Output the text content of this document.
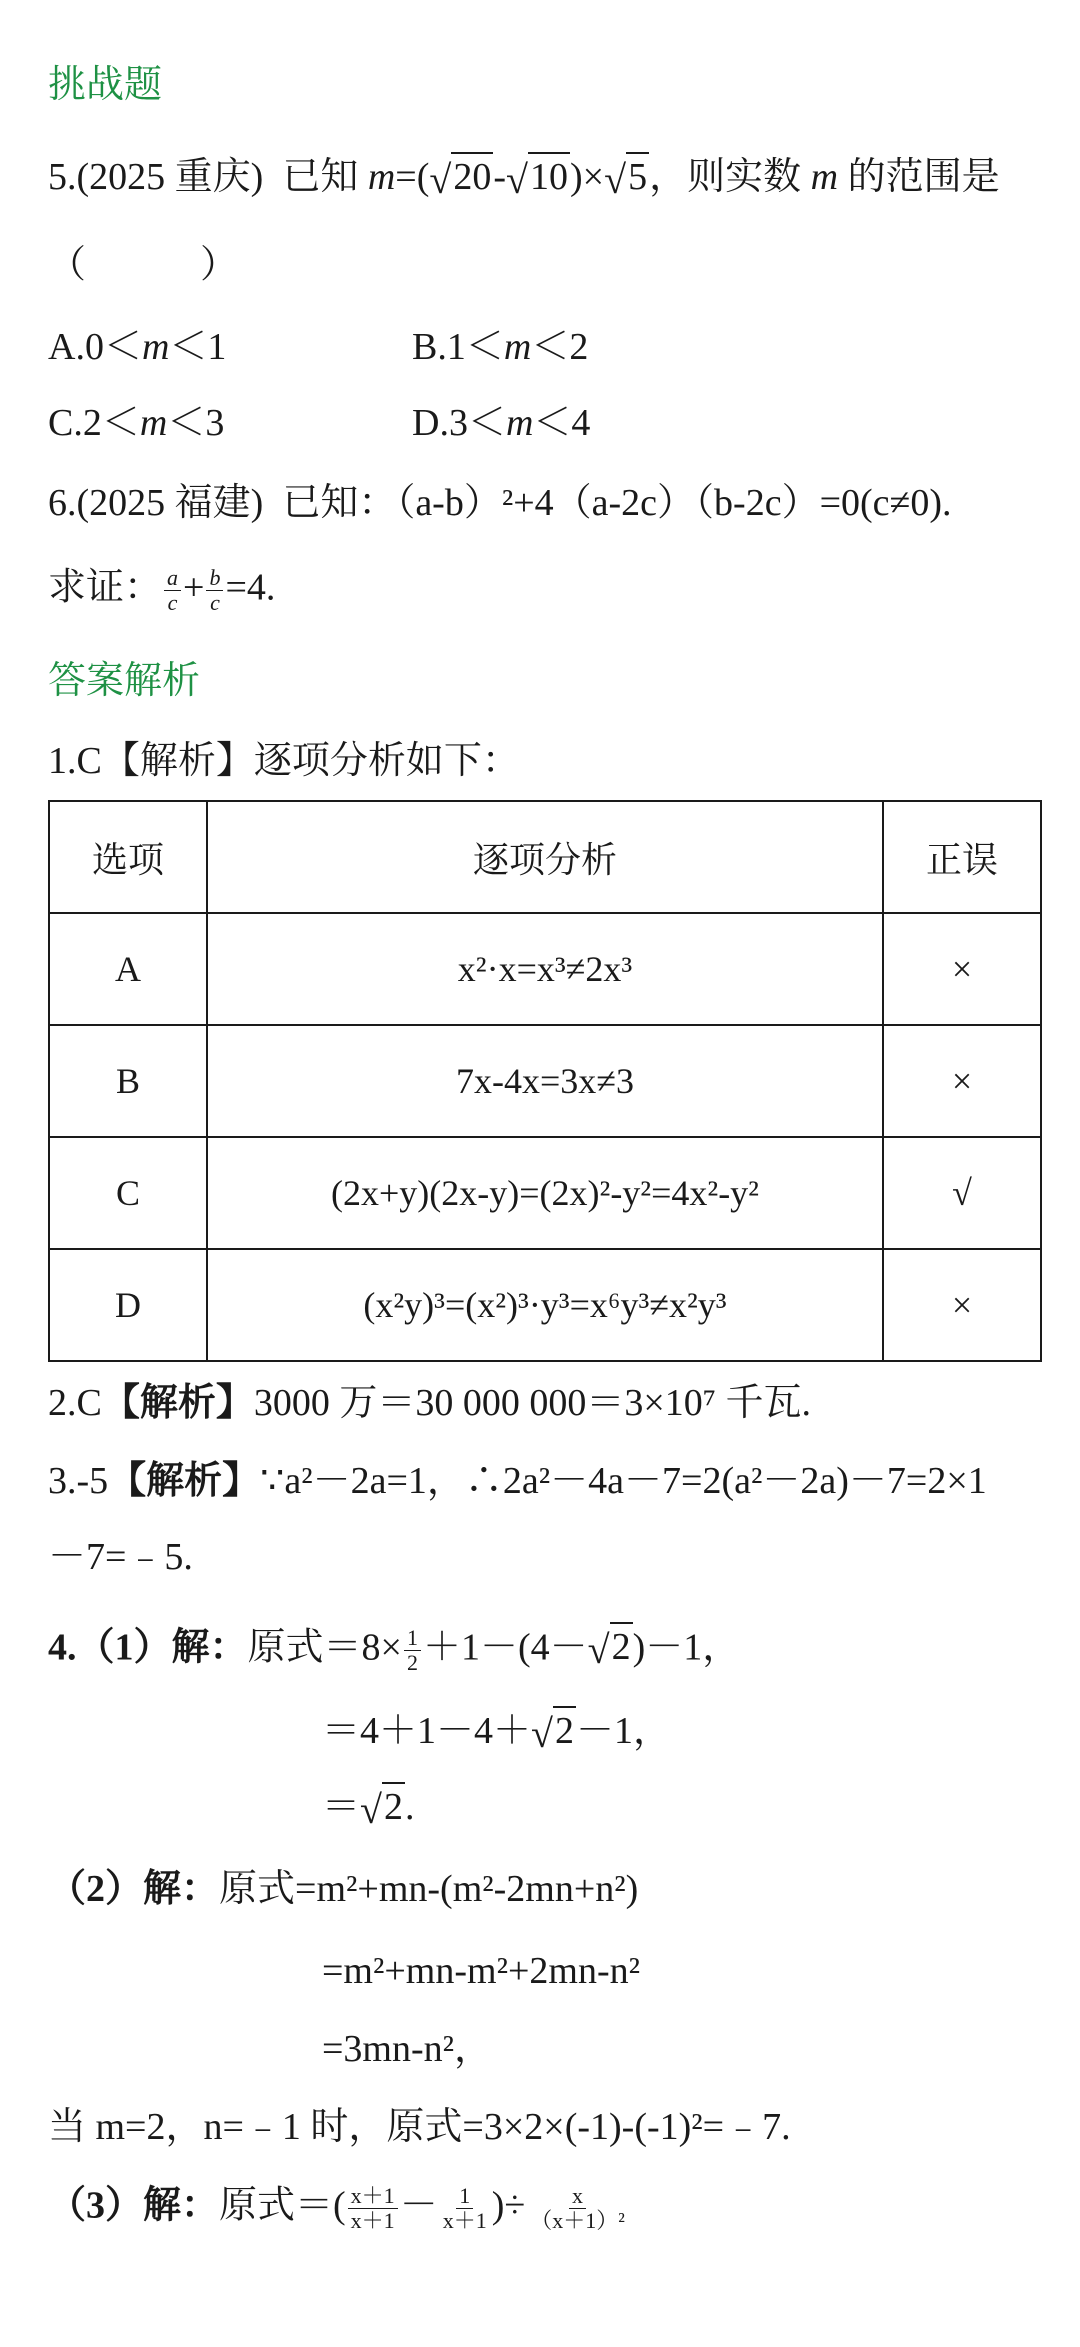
挑战题
5.(2025 重庆) 已知 m=( √ 20- √ 10)× √ 5，则实数 m 的范围是
（　　　）
A.0＜m＜1	B.1＜m＜2
C.2＜m＜3	D.3＜m＜4
6.(2025 福建) 已知：（a-b）²+4（a-2c）（b-2c）=0(c≠0).
求证： $\frac{a}{c} + \frac{b}{c} =4$.
答案解析
1.C【解析】逐项分析如下：
选项	逐项分析	正误
A	x²·x=x³≠2x³	×
B	7x-4x=3x≠3	×
C	(2x+y)(2x-y)=(2x)²-y²=4x²-y²	√
D	(x²y)³=(x²)³·y³=x⁶y³≠x²y³	×
2.C【解析】3000 万＝30 000 000＝3×10⁷ 千瓦.
3.-5【解析】∵a²－2a=1，∴2a²－4a－7=2(a²－2a)－7=2×1
－7=﹣5.
4.（1）解：原式$=8\times \frac{1}{2} +1-(4-$ √ 2)－1，
＝4＋1－4＋ √ 2－1，
＝ √ 2.
（2）解：原式=m²+mn-(m²-2mn+n²)
=m²+mn-m²+2mn-n²
=3mn-n²，
当 m=2，n=﹣1 时，原式=3×2×(-1)-(-1)²=﹣7.
（3）解：原式＝( $\frac{x+1}{x+1} - \frac{1}{x+1}$ )÷ $\frac{x}{\text{（x＋1）²}}$
